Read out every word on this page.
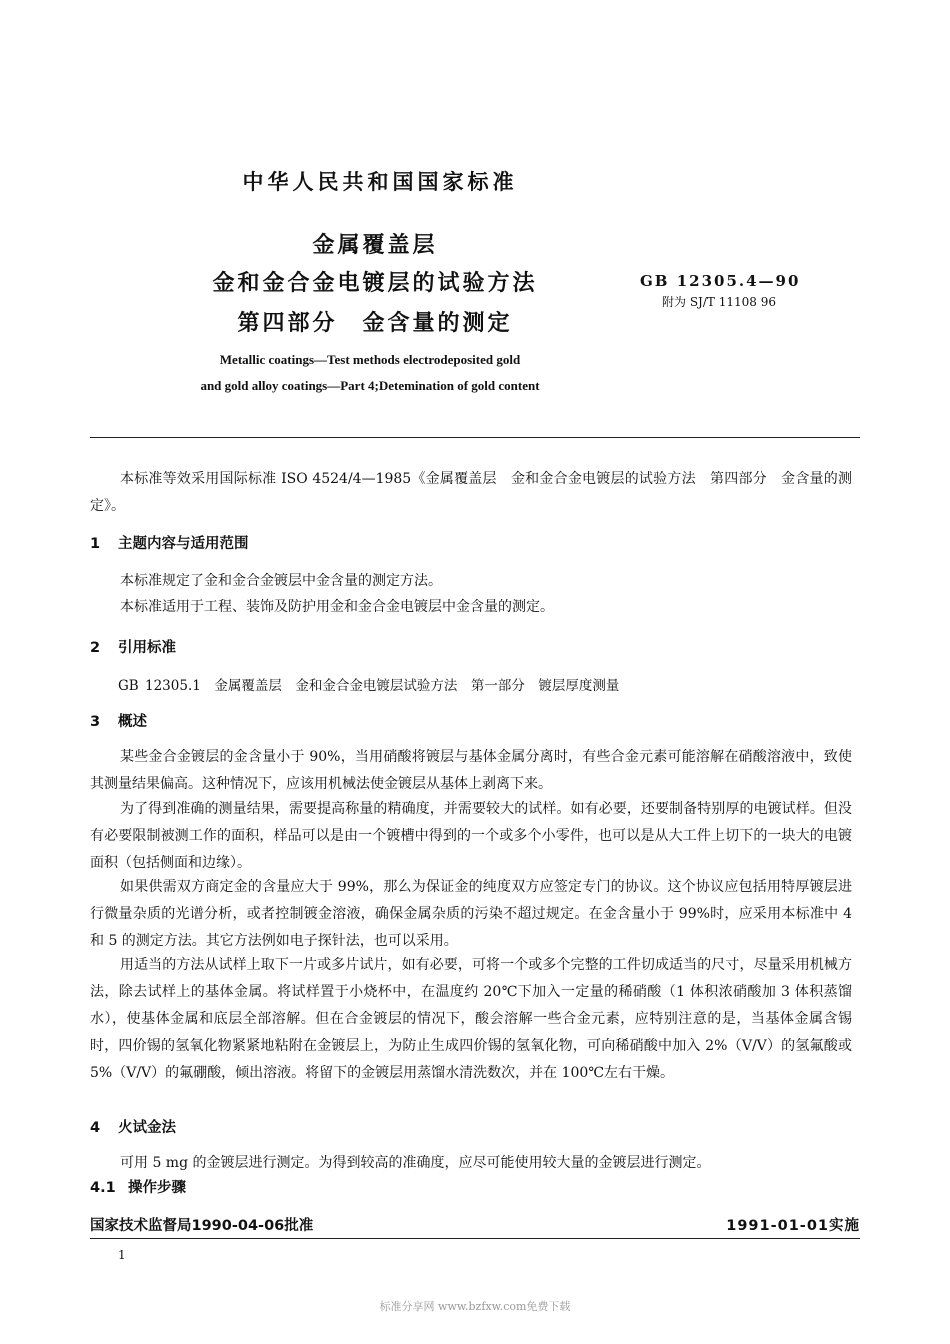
中华人民共和国国家标准
金属覆盖层
金和金合金电镀层的试验方法
第四部分　金含量的测定
GB 12305.4—90
附为 SJ/T 11108 96
Metallic coatings—Test methods electrodeposited gold
and gold alloy coatings—Part 4;Detemination of gold content
本标准等效采用国际标准 ISO 4524/4—1985《金属覆盖层　金和金合金电镀层的试验方法　第四部分　金含量的测定》。
1 主题内容与适用范围
本标准规定了金和金合金镀层中金含量的测定方法。
本标准适用于工程、装饰及防护用金和金合金电镀层中金含量的测定。
2 引用标准
GB 12305.1　金属覆盖层　金和金合金电镀层试验方法　第一部分　镀层厚度测量
3 概述
某些金合金镀层的金含量小于 90%，当用硝酸将镀层与基体金属分离时，有些合金元素可能溶解在硝酸溶液中，致使其测量结果偏高。这种情况下，应该用机械法使金镀层从基体上剥离下来。
为了得到准确的测量结果，需要提高称量的精确度，并需要较大的试样。如有必要，还要制备特别厚的电镀试样。但没有必要限制被测工作的面积，样品可以是由一个镀槽中得到的一个或多个小零件，也可以是从大工件上切下的一块大的电镀面积（包括侧面和边缘）。
如果供需双方商定金的含量应大于 99%，那么为保证金的纯度双方应签定专门的协议。这个协议应包括用特厚镀层进行微量杂质的光谱分析，或者控制镀金溶液，确保金属杂质的污染不超过规定。在金含量小于 99%时，应采用本标准中 4 和 5 的测定方法。其它方法例如电子探针法，也可以采用。
用适当的方法从试样上取下一片或多片试片，如有必要，可将一个或多个完整的工件切成适当的尺寸，尽量采用机械方法，除去试样上的基体金属。将试样置于小烧杯中，在温度约 20℃下加入一定量的稀硝酸（1 体积浓硝酸加 3 体积蒸馏水），使基体金属和底层全部溶解。但在合金镀层的情况下，酸会溶解一些合金元素，应特别注意的是，当基体金属含锡时，四价锡的氢氧化物紧紧地粘附在金镀层上，为防止生成四价锡的氢氧化物，可向稀硝酸中加入 2%（V/V）的氢氟酸或 5%（V/V）的氟硼酸，倾出溶液。将留下的金镀层用蒸馏水清洗数次，并在 100℃左右干燥。
4 火试金法
可用 5 mg 的金镀层进行测定。为得到较高的准确度，应尽可能使用较大量的金镀层进行测定。
4.1 操作步骤
国家技术监督局1990-04-06批准	1991-01-01实施
1
标准分享网 www.bzfxw.com免费下载
